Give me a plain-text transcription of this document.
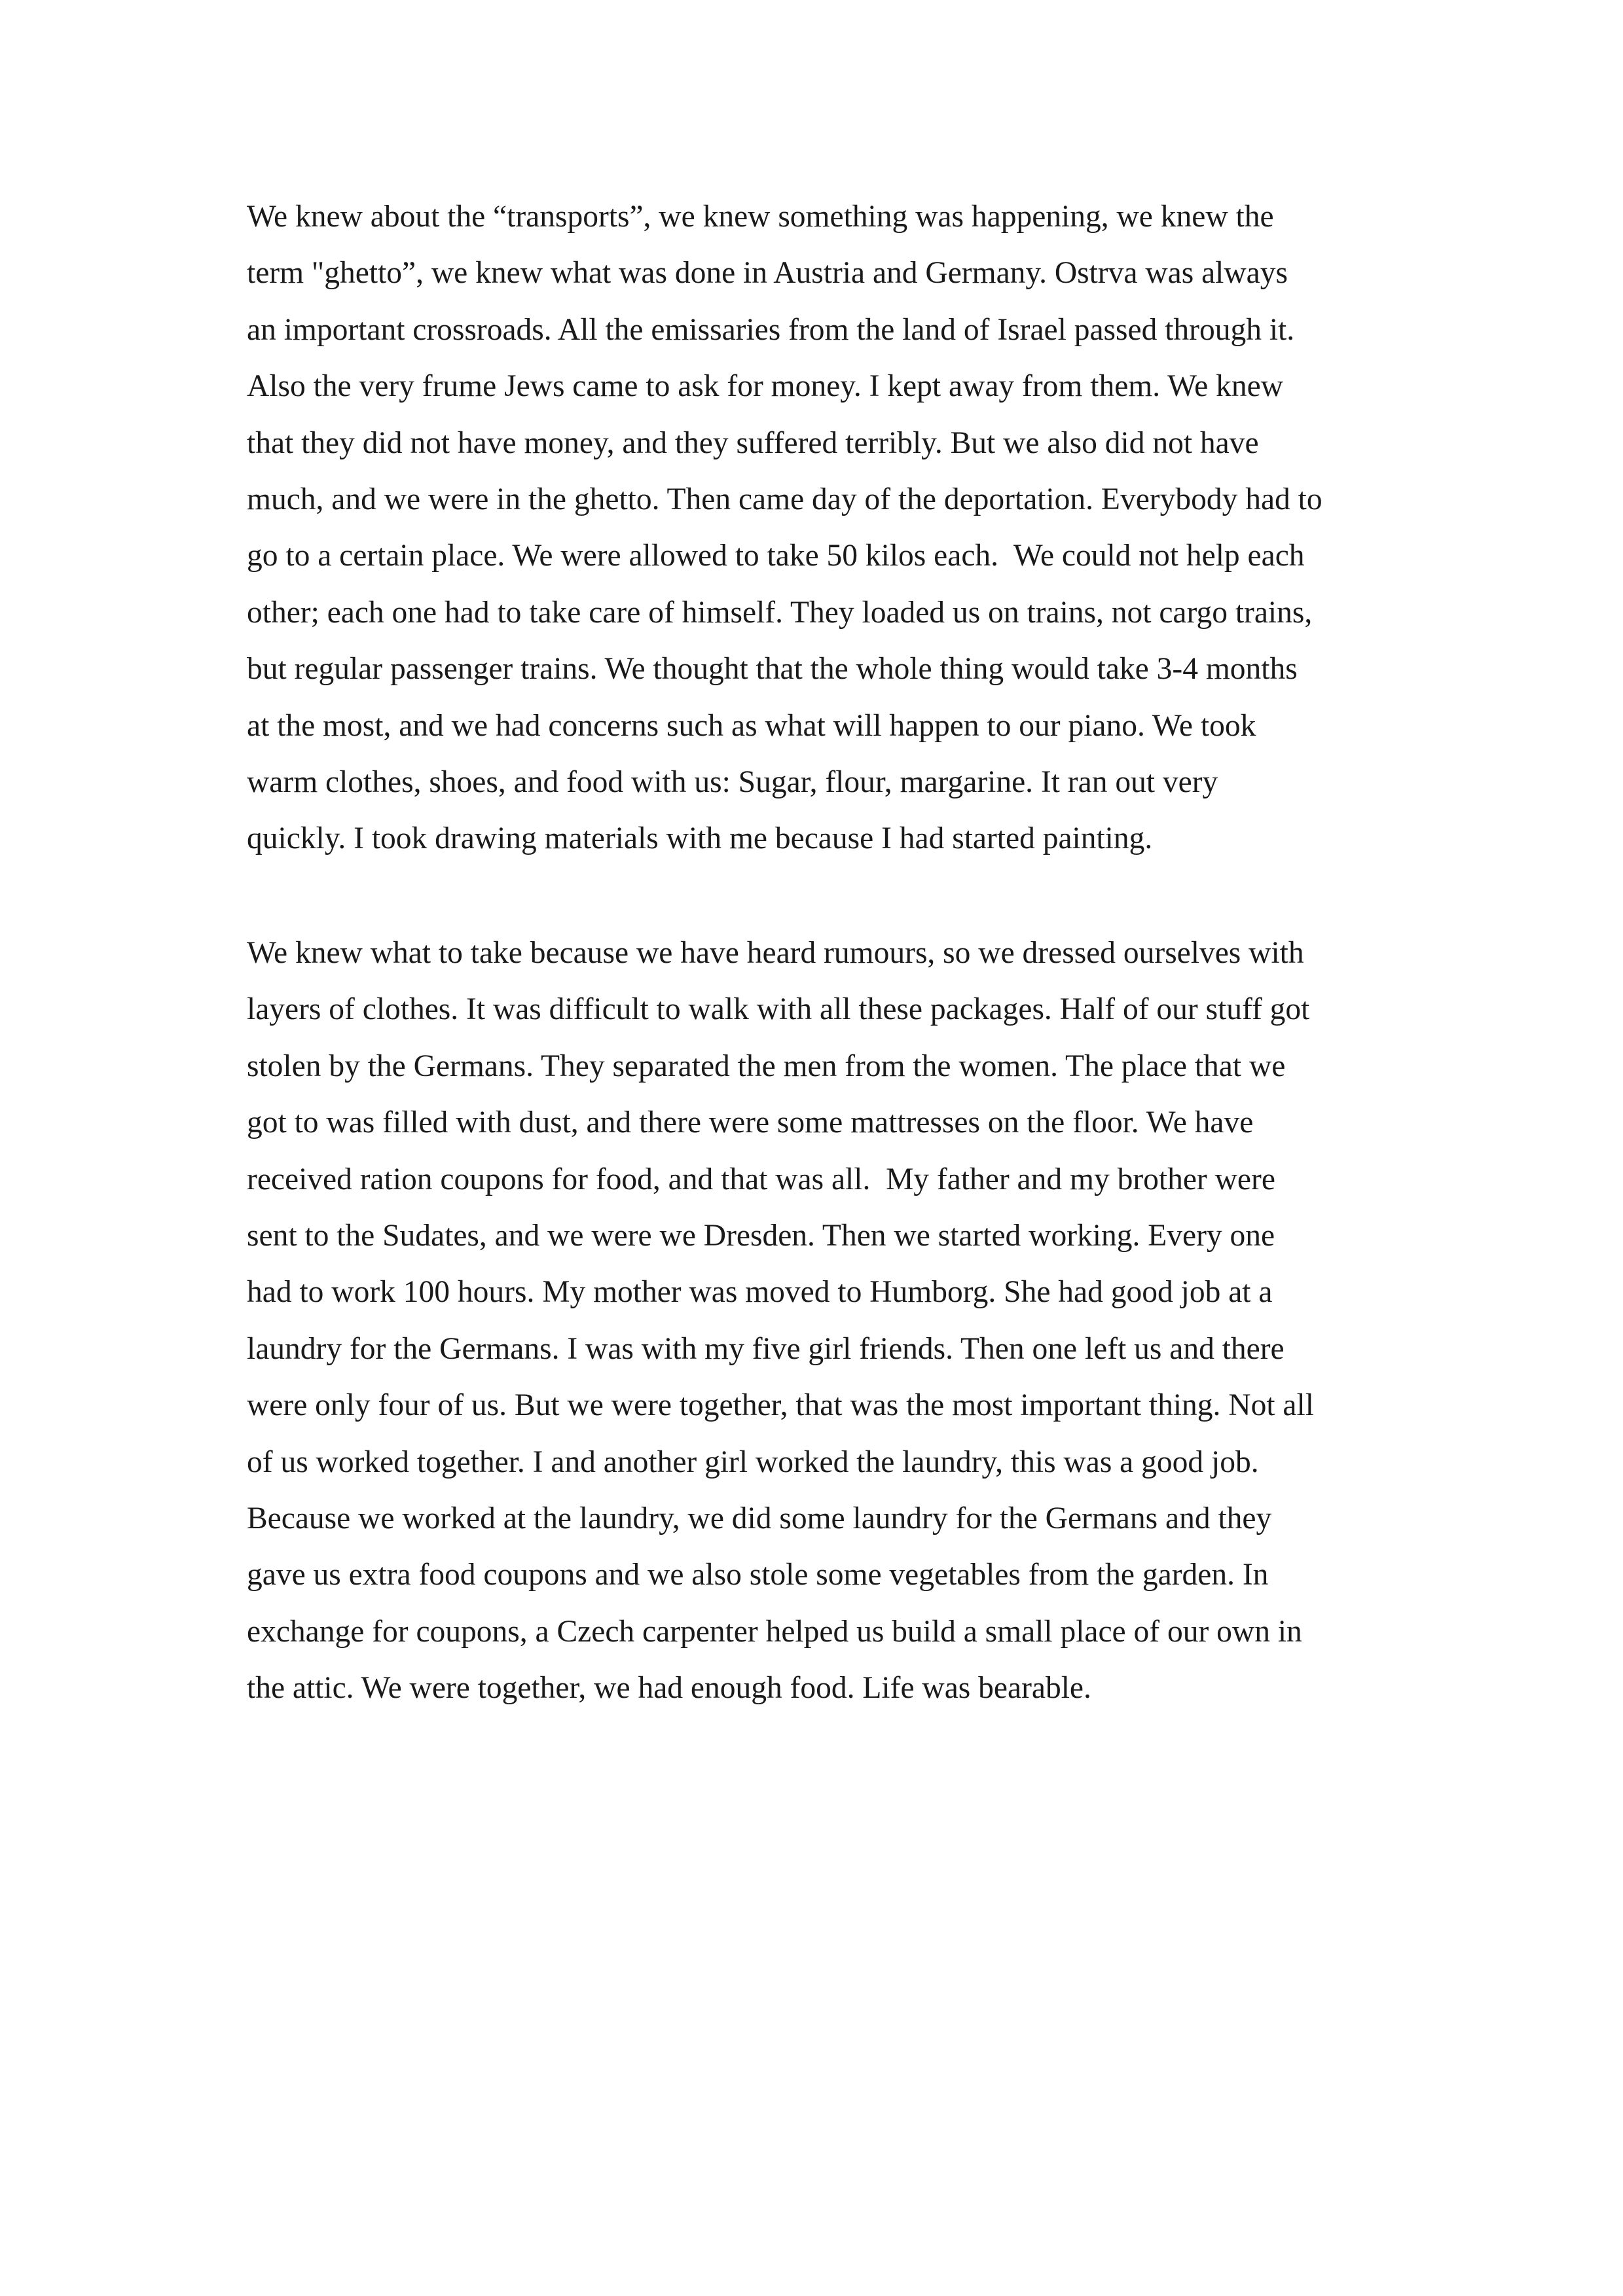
We knew about the “transports”, we knew something was happening, we knew the
term "ghetto”, we knew what was done in Austria and Germany. Ostrva was always
an important crossroads. All the emissaries from the land of Israel passed through it.
Also the very frume Jews came to ask for money. I kept away from them. We knew
that they did not have money, and they suffered terribly. But we also did not have
much, and we were in the ghetto. Then came day of the deportation. Everybody had to
go to a certain place. We were allowed to take 50 kilos each.  We could not help each
other; each one had to take care of himself. They loaded us on trains, not cargo trains,
but regular passenger trains. We thought that the whole thing would take 3-4 months
at the most, and we had concerns such as what will happen to our piano. We took
warm clothes, shoes, and food with us: Sugar, flour, margarine. It ran out very
quickly. I took drawing materials with me because I had started painting.
We knew what to take because we have heard rumours, so we dressed ourselves with
layers of clothes. It was difficult to walk with all these packages. Half of our stuff got
stolen by the Germans. They separated the men from the women. The place that we
got to was filled with dust, and there were some mattresses on the floor. We have
received ration coupons for food, and that was all.  My father and my brother were
sent to the Sudates, and we were we Dresden. Then we started working. Every one
had to work 100 hours. My mother was moved to Humborg. She had good job at a
laundry for the Germans. I was with my five girl friends. Then one left us and there
were only four of us. But we were together, that was the most important thing. Not all
of us worked together. I and another girl worked the laundry, this was a good job.
Because we worked at the laundry, we did some laundry for the Germans and they
gave us extra food coupons and we also stole some vegetables from the garden. In
exchange for coupons, a Czech carpenter helped us build a small place of our own in
the attic. We were together, we had enough food. Life was bearable.
